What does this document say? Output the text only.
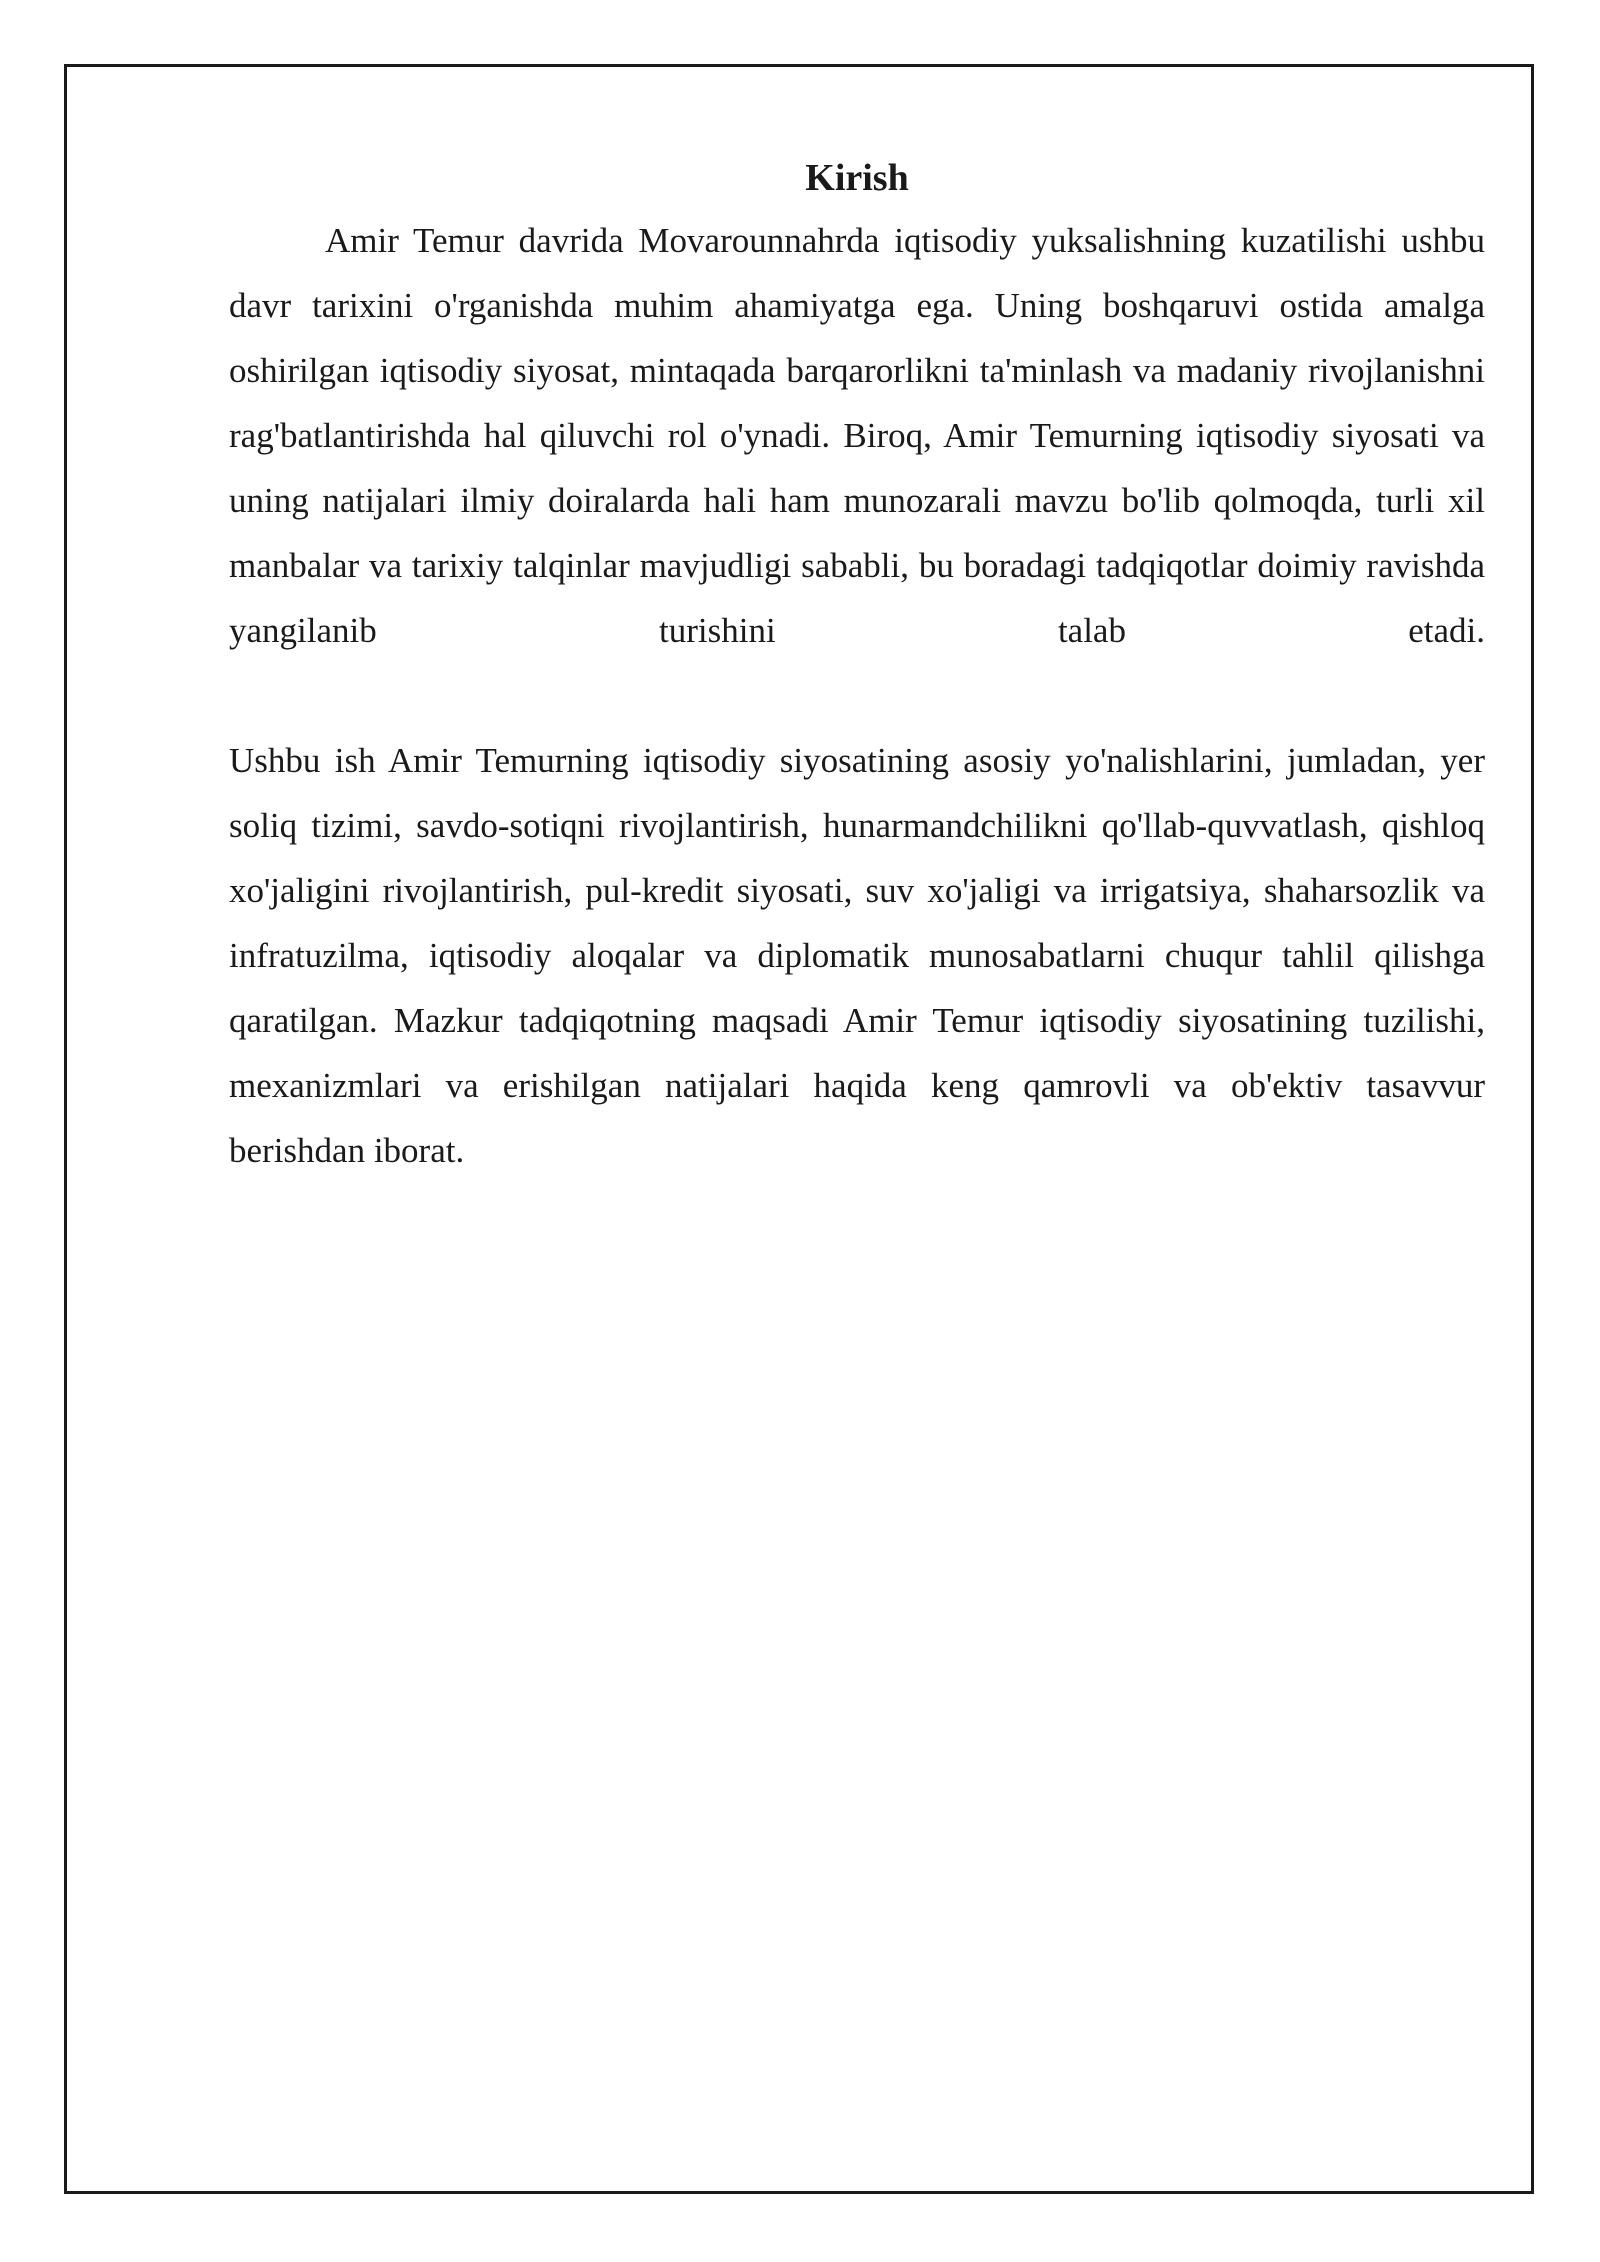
Kirish

Amir Temur davrida Movarounnahrda iqtisodiy yuksalishning kuzatilishi ushbu davr tarixini o'rganishda muhim ahamiyatga ega. Uning boshqaruvi ostida amalga oshirilgan iqtisodiy siyosat, mintaqada barqarorlikni ta'minlash va madaniy rivojlanishni rag'batlantirishda hal qiluvchi rol o'ynadi. Biroq, Amir Temurning iqtisodiy siyosati va uning natijalari ilmiy doiralarda hali ham munozarali mavzu bo'lib qolmoqda, turli xil manbalar va tarixiy talqinlar mavjudligi sababli, bu boradagi tadqiqotlar doimiy ravishda yangilanib turishini talab etadi.

Ushbu ish Amir Temurning iqtisodiy siyosatining asosiy yo'nalishlarini, jumladan, yer soliq tizimi, savdo-sotiqni rivojlantirish, hunarmandchilikni qo'llab-quvvatlash, qishloq xo'jaligini rivojlantirish, pul-kredit siyosati, suv xo'jaligi va irrigatsiya, shaharsozlik va infratuzilma, iqtisodiy aloqalar va diplomatik munosabatlarni chuqur tahlil qilishga qaratilgan. Mazkur tadqiqotning maqsadi Amir Temur iqtisodiy siyosatining tuzilishi, mexanizmlari va erishilgan natijalari haqida keng qamrovli va ob'ektiv tasavvur berishdan iborat.
